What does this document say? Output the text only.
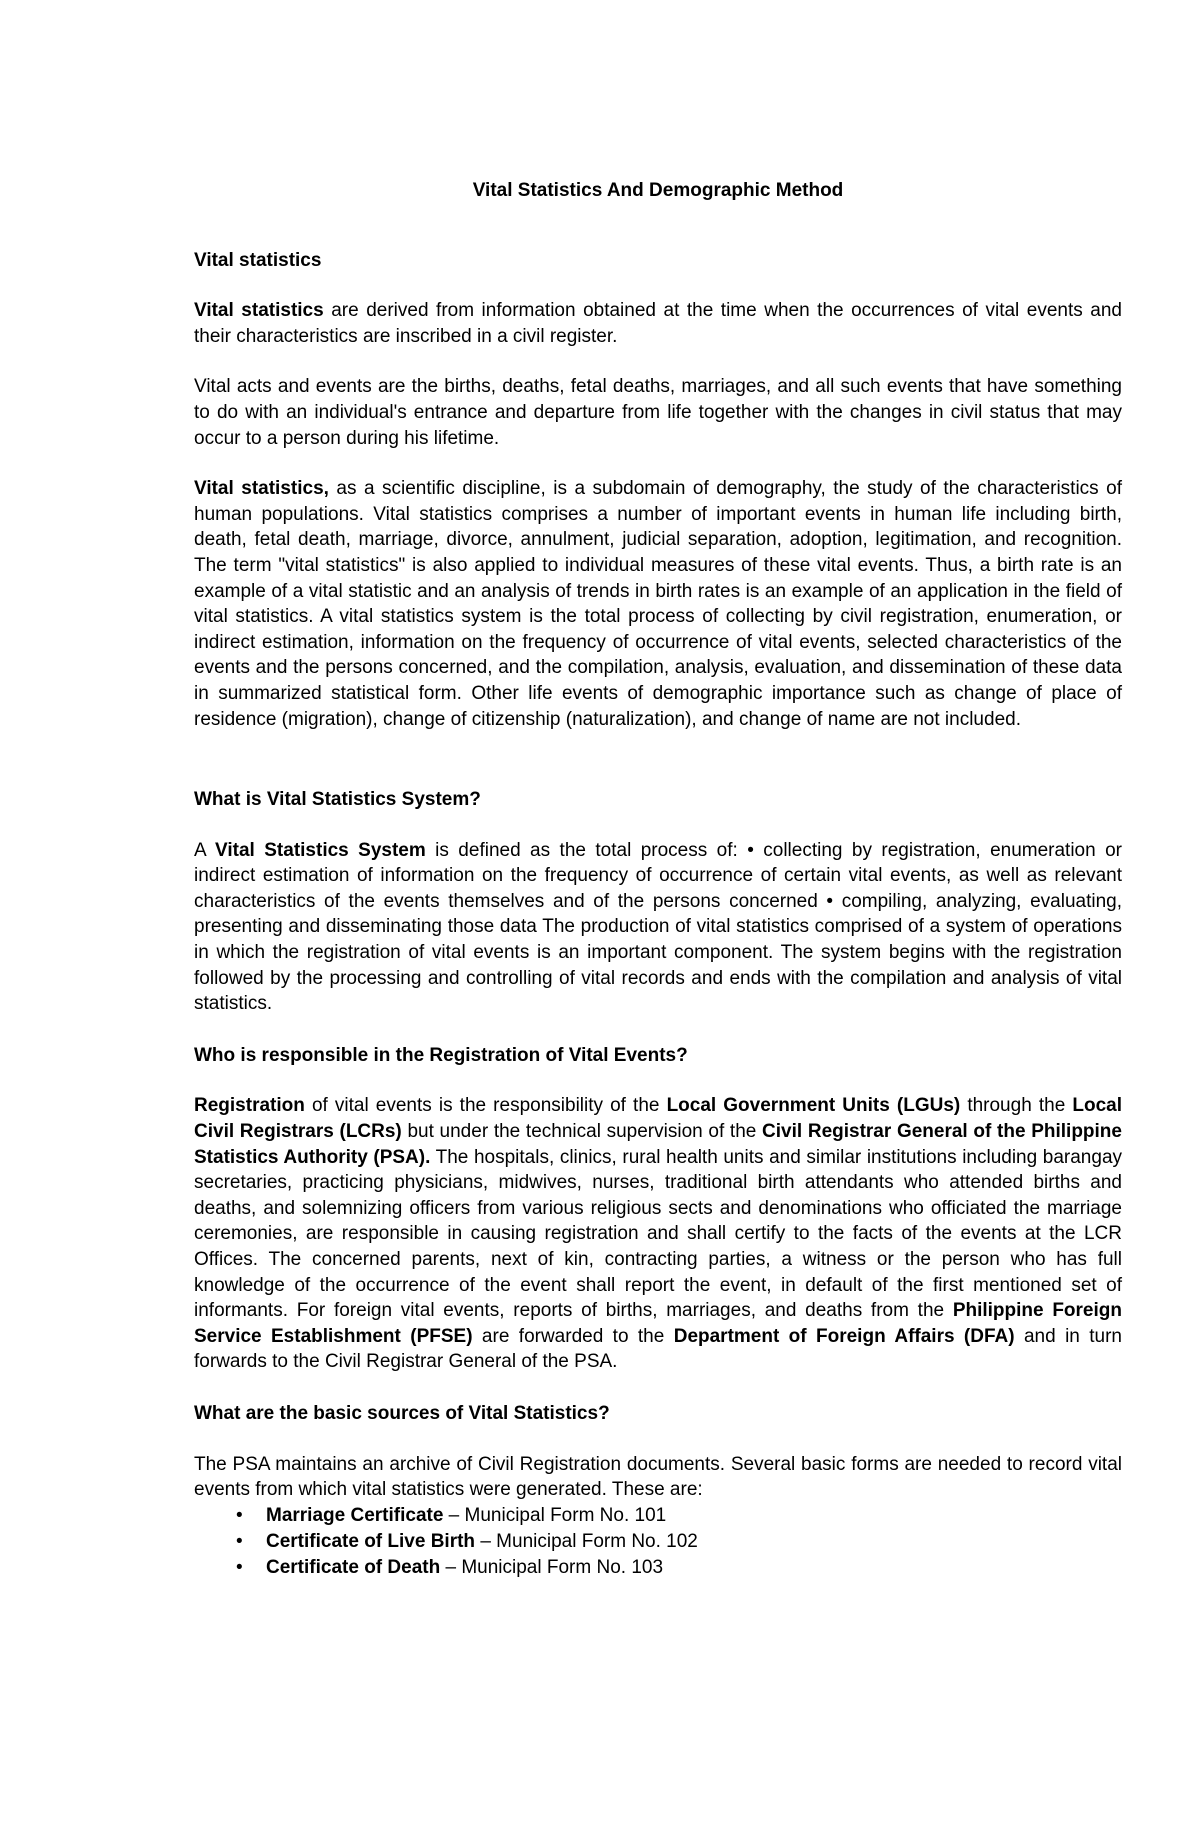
Vital Statistics And Demographic Method
Vital statistics

Vital statistics are derived from information obtained at the time when the occurrences of vital events and their characteristics are inscribed in a civil register.

Vital acts and events are the births, deaths, fetal deaths, marriages, and all such events that have something to do with an individual's entrance and departure from life together with the changes in civil status that may occur to a person during his lifetime.

Vital statistics, as a scientific discipline, is a subdomain of demography, the study of the characteristics of human populations. Vital statistics comprises a number of important events in human life including birth, death, fetal death, marriage, divorce, annulment, judicial separation, adoption, legitimation, and recognition. The term "vital statistics" is also applied to individual measures of these vital events. Thus, a birth rate is an example of a vital statistic and an analysis of trends in birth rates is an example of an application in the field of vital statistics. A vital statistics system is the total process of collecting by civil registration, enumeration, or indirect estimation, information on the frequency of occurrence of vital events, selected characteristics of the events and the persons concerned, and the compilation, analysis, evaluation, and dissemination of these data in summarized statistical form. Other life events of demographic importance such as change of place of residence (migration), change of citizenship (naturalization), and change of name are not included.

What is Vital Statistics System?

A Vital Statistics System is defined as the total process of: • collecting by registration, enumeration or indirect estimation of information on the frequency of occurrence of certain vital events, as well as relevant characteristics of the events themselves and of the persons concerned • compiling, analyzing, evaluating, presenting and disseminating those data The production of vital statistics comprised of a system of operations in which the registration of vital events is an important component. The system begins with the registration followed by the processing and controlling of vital records and ends with the compilation and analysis of vital statistics.

Who is responsible in the Registration of Vital Events?

Registration of vital events is the responsibility of the Local Government Units (LGUs) through the Local Civil Registrars (LCRs) but under the technical supervision of the Civil Registrar General of the Philippine Statistics Authority (PSA). The hospitals, clinics, rural health units and similar institutions including barangay secretaries, practicing physicians, midwives, nurses, traditional birth attendants who attended births and deaths, and solemnizing officers from various religious sects and denominations who officiated the marriage ceremonies, are responsible in causing registration and shall certify to the facts of the events at the LCR Offices. The concerned parents, next of kin, contracting parties, a witness or the person who has full knowledge of the occurrence of the event shall report the event, in default of the first mentioned set of informants. For foreign vital events, reports of births, marriages, and deaths from the Philippine Foreign Service Establishment (PFSE) are forwarded to the Department of Foreign Affairs (DFA) and in turn forwards to the Civil Registrar General of the PSA.

What are the basic sources of Vital Statistics?

The PSA maintains an archive of Civil Registration documents. Several basic forms are needed to record vital events from which vital statistics were generated. These are:

• Marriage Certificate – Municipal Form No. 101
• Certificate of Live Birth – Municipal Form No. 102
• Certificate of Death – Municipal Form No. 103
